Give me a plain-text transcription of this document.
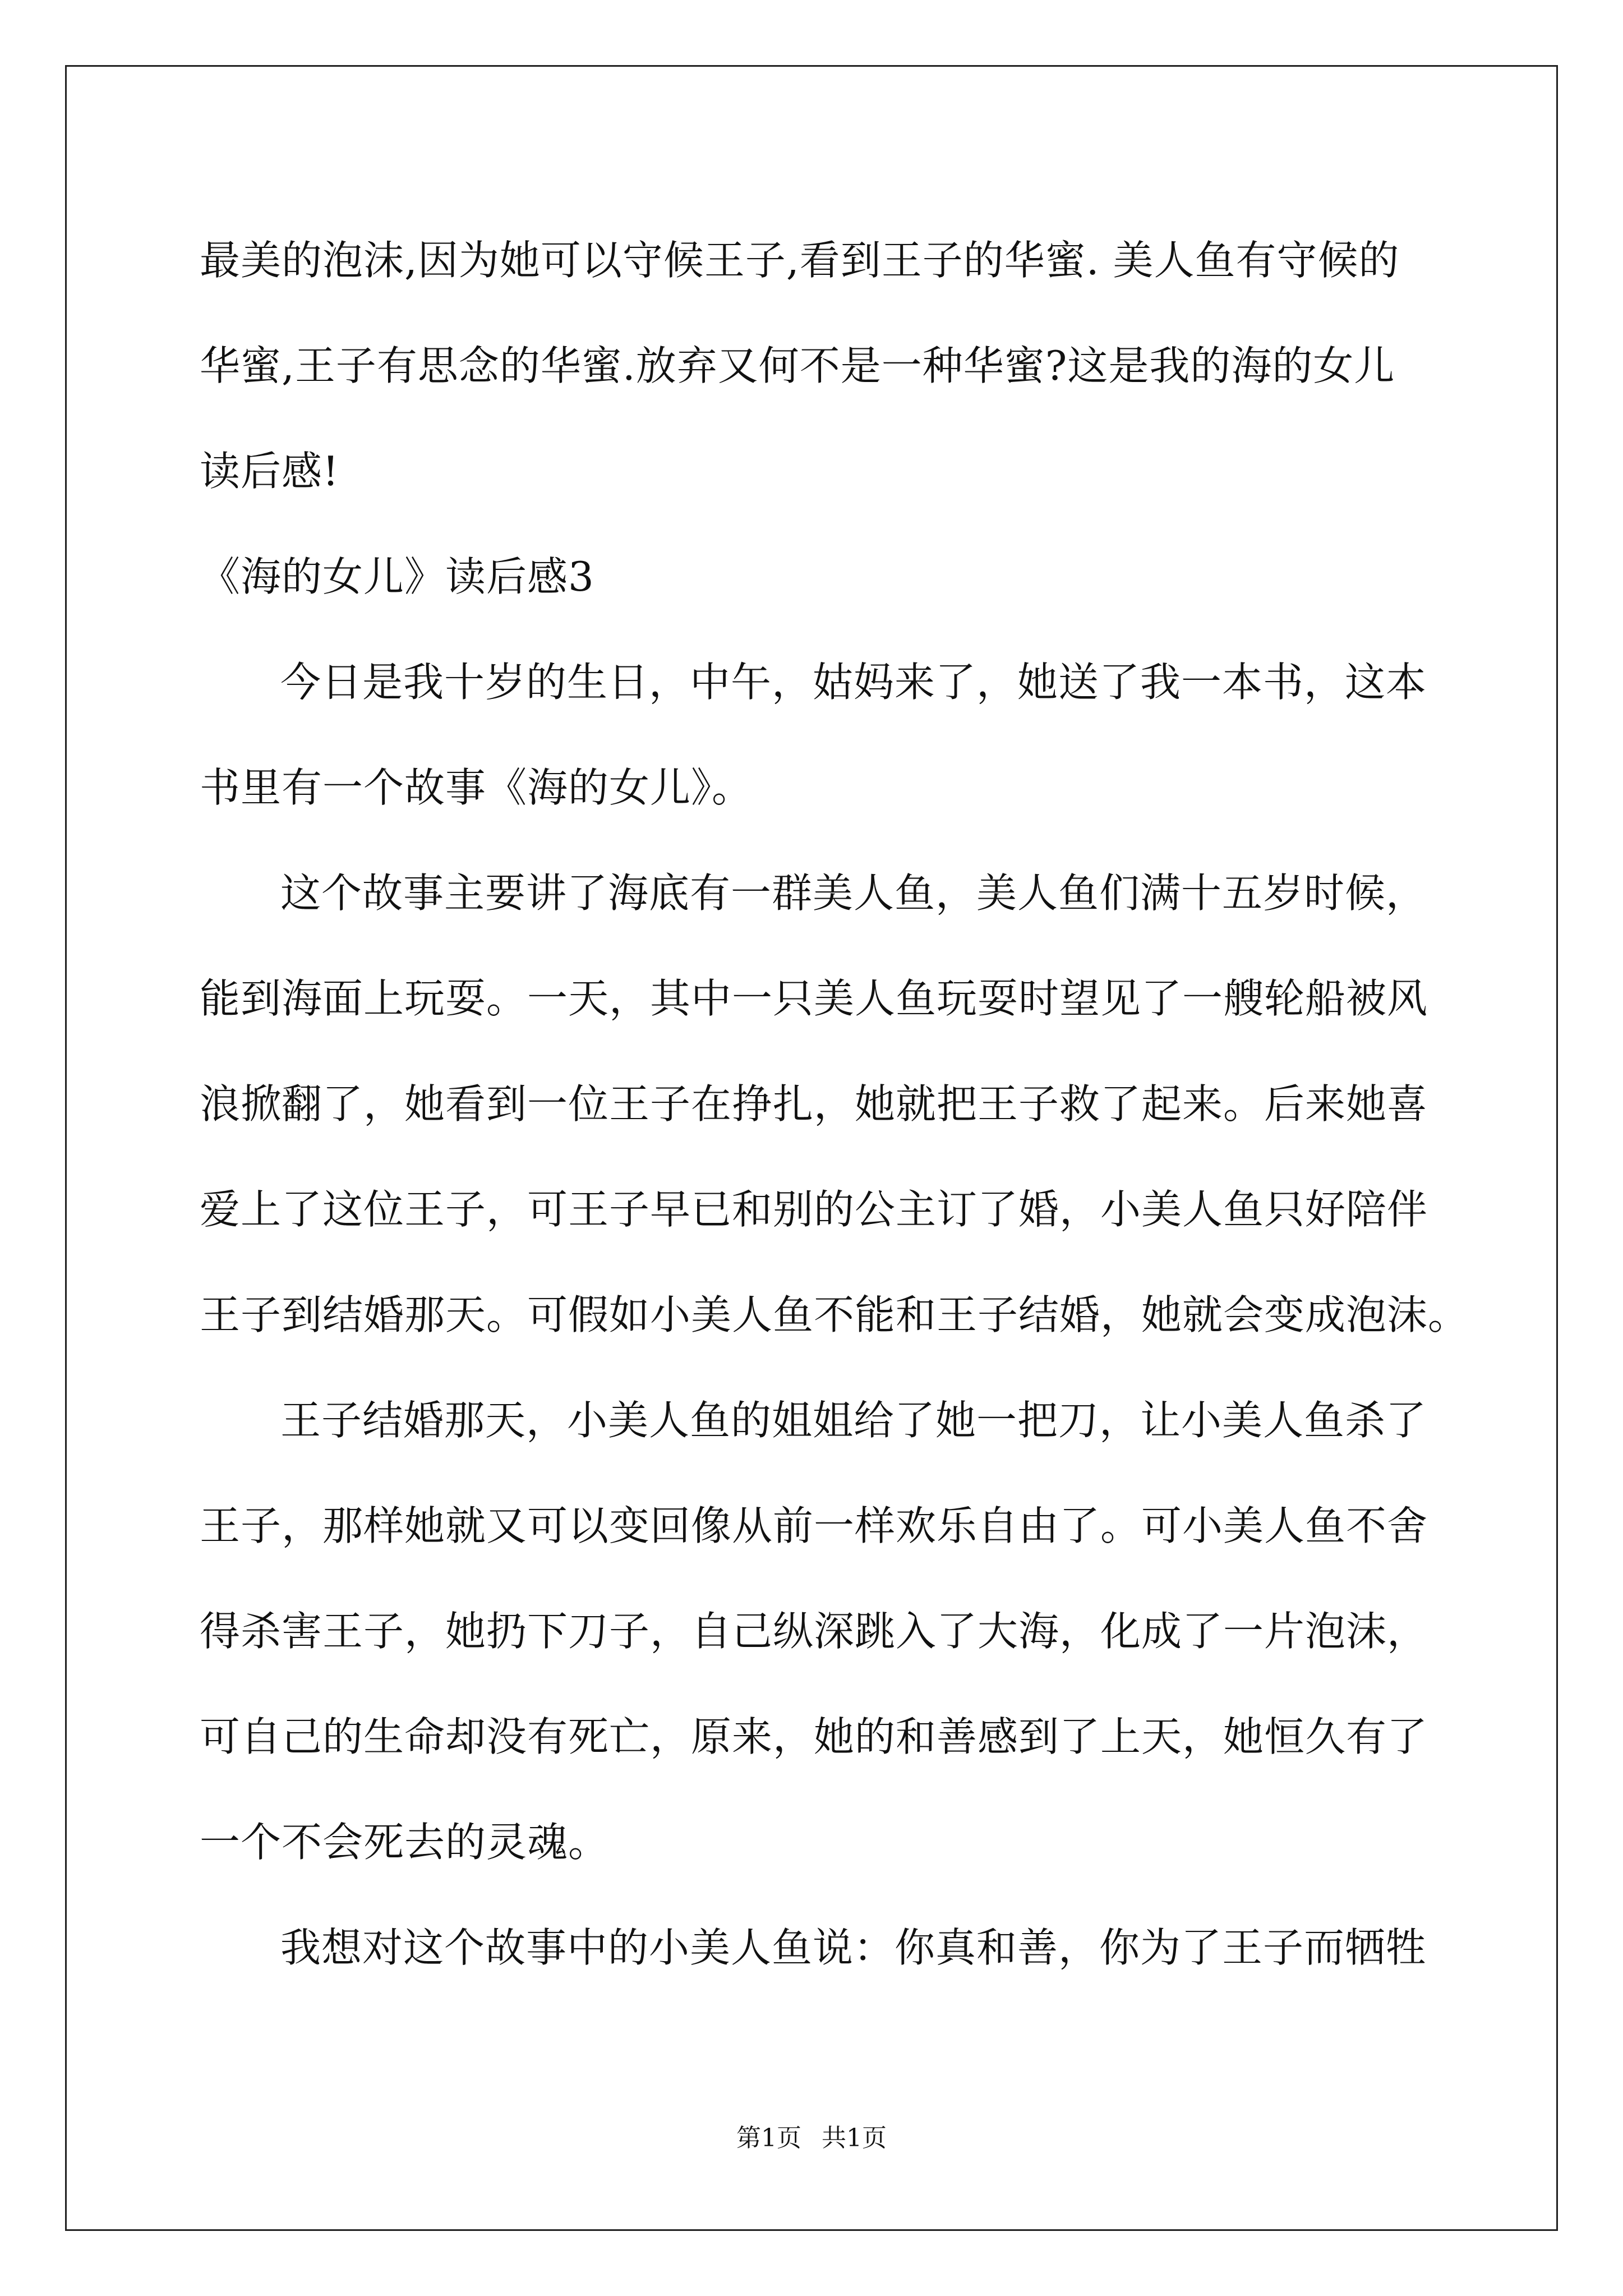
最美的泡沫,因为她可以守候王子,看到王子的华蜜. 美人鱼有守候的
华蜜,王子有思念的华蜜.放弃又何不是一种华蜜?这是我的海的女儿
读后感!
《海的女儿》读后感3
今日是我十岁的生日，中午，姑妈来了，她送了我一本书，这本
书里有一个故事《海的女儿》。
这个故事主要讲了海底有一群美人鱼，美人鱼们满十五岁时候，
能到海面上玩耍。一天，其中一只美人鱼玩耍时望见了一艘轮船被风
浪掀翻了，她看到一位王子在挣扎，她就把王子救了起来。后来她喜
爱上了这位王子，可王子早已和别的公主订了婚，小美人鱼只好陪伴
王子到结婚那天。可假如小美人鱼不能和王子结婚，她就会变成泡沫。
王子结婚那天，小美人鱼的姐姐给了她一把刀，让小美人鱼杀了
王子，那样她就又可以变回像从前一样欢乐自由了。可小美人鱼不舍
得杀害王子，她扔下刀子，自己纵深跳入了大海，化成了一片泡沫，
可自己的生命却没有死亡，原来，她的和善感到了上天，她恒久有了
一个不会死去的灵魂。
我想对这个故事中的小美人鱼说：你真和善，你为了王子而牺牲
第1页 共1页
